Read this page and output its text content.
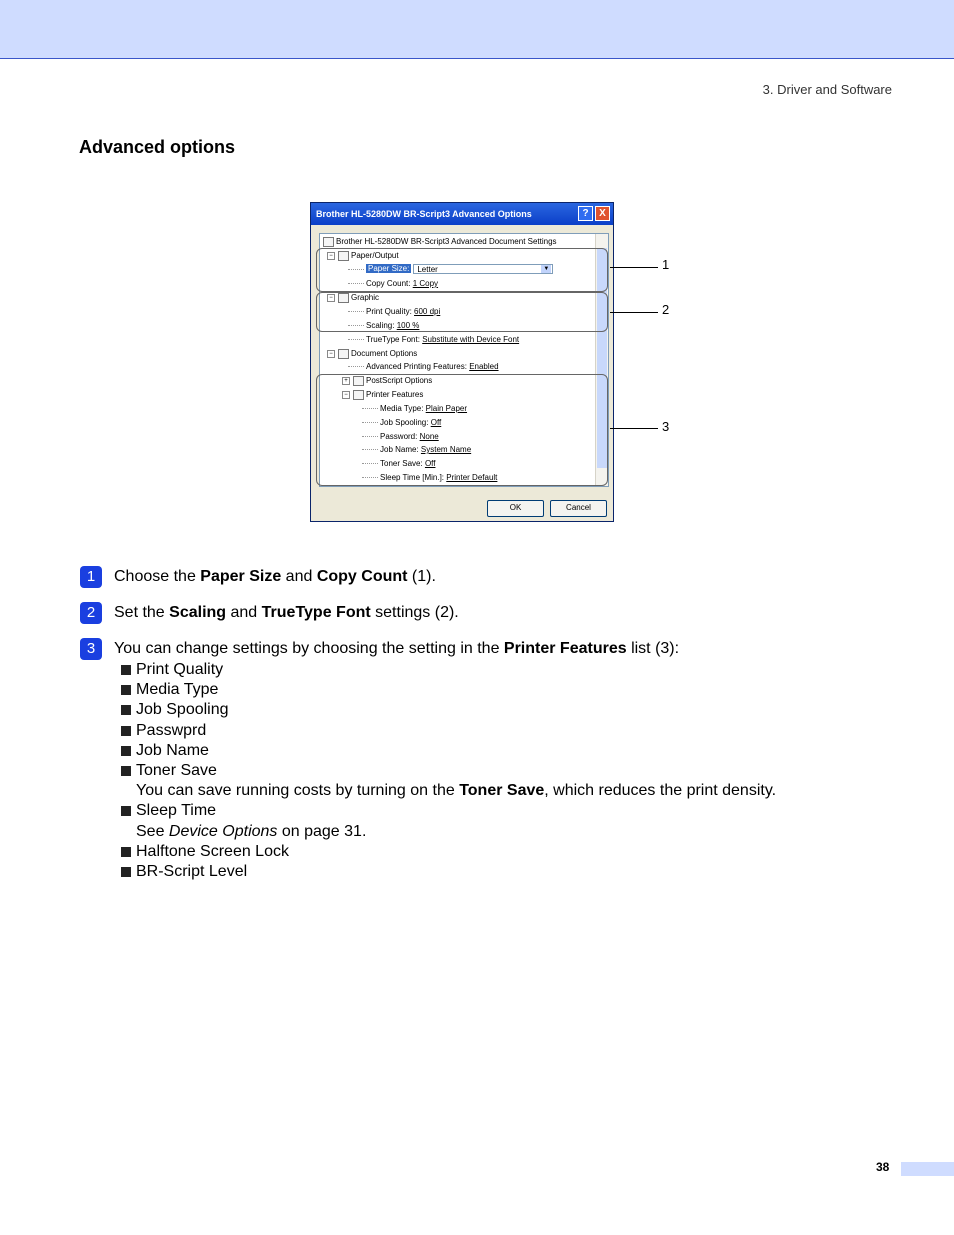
3. Driver and Software
Advanced options
Brother HL-5280DW BR-Script3 Advanced Options	?	X
Brother HL-5280DW BR-Script3 Advanced Document Settings
− Paper/Output
Paper Size: Letter	▼
Copy Count: 1 Copy
− Graphic
Print Quality: 600 dpi
Scaling: 100 %
TrueType Font: Substitute with Device Font
− Document Options
Advanced Printing Features: Enabled
+ PostScript Options
− Printer Features
Media Type: Plain Paper
Job Spooling: Off
Password: None
Job Name: System Name
Toner Save: Off
Sleep Time [Min.]: Printer Default
OK	Cancel
1
2
3
1 Choose the Paper Size and Copy Count (1).
2 Set the Scaling and TrueType Font settings (2).
3 You can change settings by choosing the setting in the Printer Features list (3):
Print Quality
Media Type
Job Spooling
Passwprd
Job Name
Toner Save
You can save running costs by turning on the Toner Save, which reduces the print density.
Sleep Time
See Device Options on page 31.
Halftone Screen Lock
BR-Script Level
38
